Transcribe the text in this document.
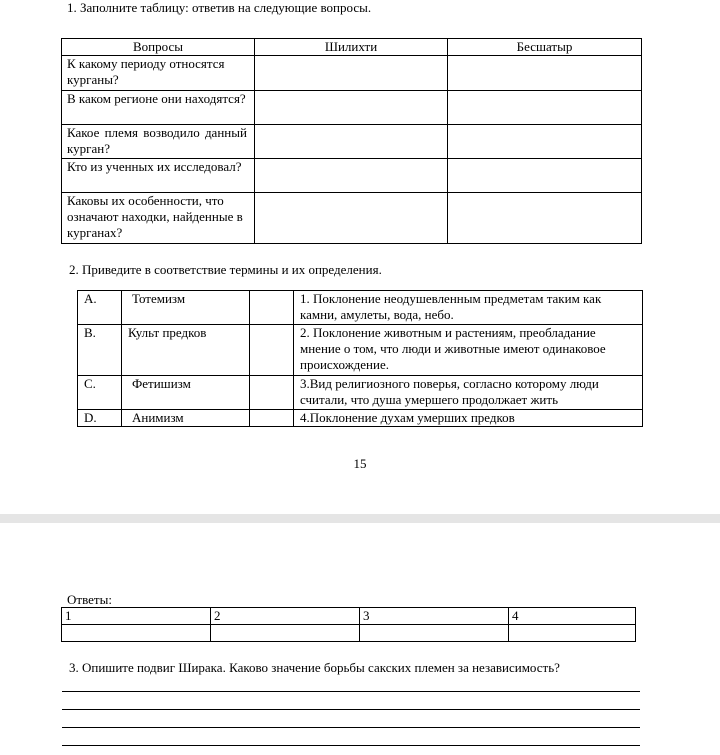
1. Заполните таблицу: ответив на следующие вопросы.
Вопросы	Шилихти	Бесшатыр
К какому периоду относятся курганы?		
В каком регионе они находятся?		
Какое племя возводило данный курган?		
Кто из ученных их исследовал?		
Каковы их особенности, что означают находки, найденные в курганах?		
2. Приведите в соответствие термины и их определения.
A.	Тотемизм		1. Поклонение неодушевленным предметам таким как камни, амулеты, вода, небо.
B.	Культ предков		2. Поклонение животным и растениям, преобладание мнение о том, что люди и животные имеют одинаковое происхождение.
C.	Фетишизм		3.Вид религиозного поверья, согласно которому люди считали, что душа умершего продолжает жить
D.	Анимизм		4.Поклонение духам умерших предков
15
Ответы:
1	2	3	4

3. Опишите подвиг Ширака. Каково значение борьбы сакских племен за независимость?
